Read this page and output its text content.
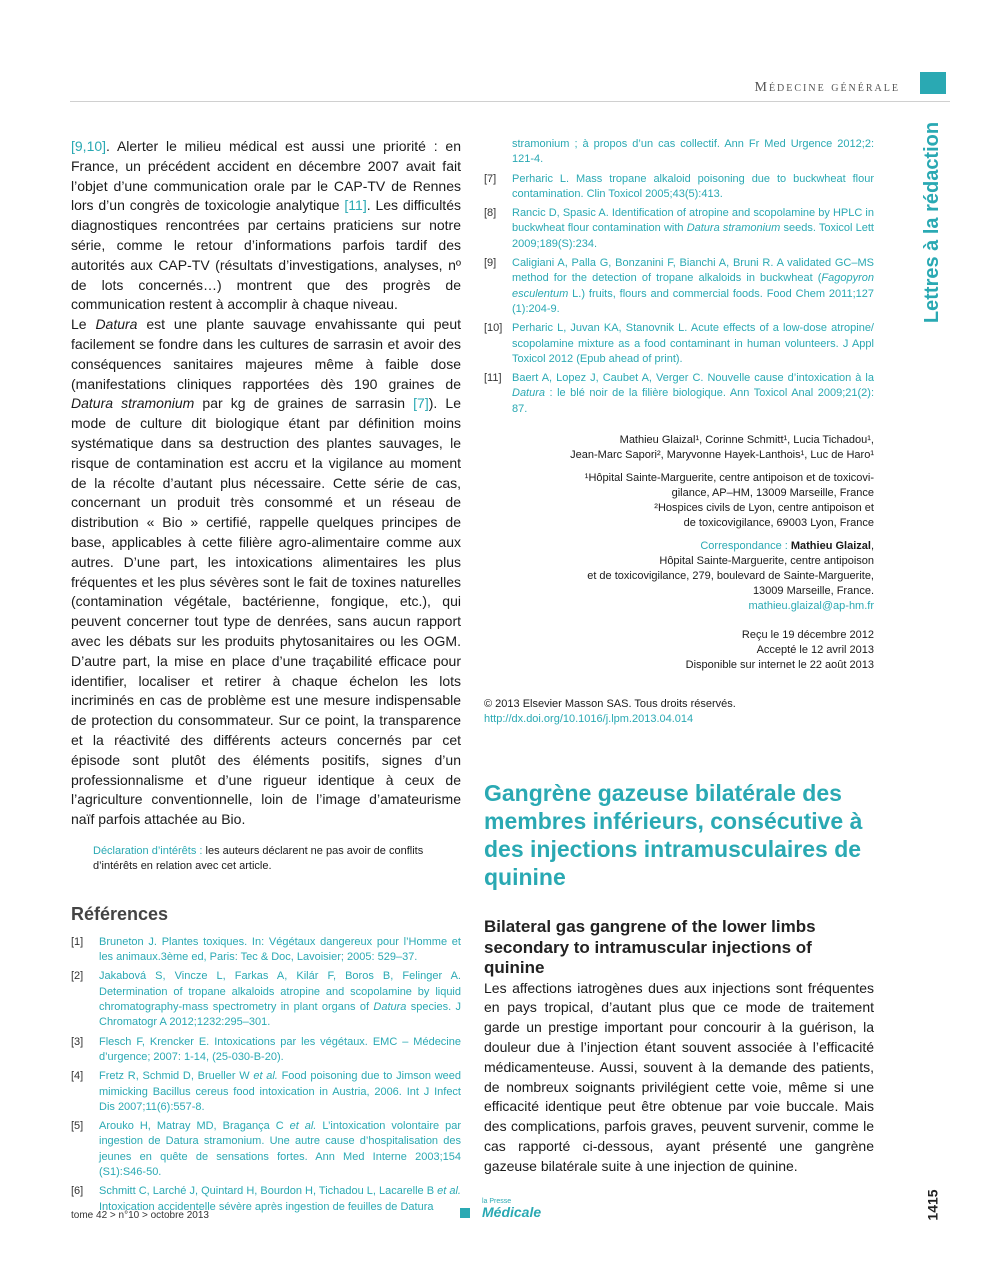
Médecine générale
Lettres à la rédaction

[9,10]. Alerter le milieu médical est aussi une priorité : en France, un précédent accident en décembre 2007 avait fait l’objet d’une communication orale par le CAP-TV de Rennes lors d’un congrès de toxicologie analytique [11]. Les difficultés diagnostiques rencontrées par certains praticiens sur notre série, comme le retour d’informations parfois tardif des autorités aux CAP-TV (résultats d’investigations, analyses, nº de lots concernés…) montrent que des progrès de communication restent à accomplir à chaque niveau.

Le Datura est une plante sauvage envahissante qui peut facilement se fondre dans les cultures de sarrasin et avoir des conséquences sanitaires majeures même à faible dose (manifestations cliniques rapportées dès 190 graines de Datura stramonium par kg de graines de sarrasin [7]). Le mode de culture dit biologique étant par définition moins systématique dans sa destruction des plantes sauvages, le risque de contamination est accru et la vigilance au moment de la récolte d’autant plus nécessaire. Cette série de cas, concernant un produit très consommé et un réseau de distribution « Bio » certifié, rappelle quelques principes de base, applicables à cette filière agro-alimentaire comme aux autres. D’une part, les intoxications alimentaires les plus fréquentes et les plus sévères sont le fait de toxines naturelles (contamination végétale, bactérienne, fongique, etc.), qui peuvent concerner tout type de denrées, sans aucun rapport avec les débats sur les produits phytosanitaires ou les OGM. D’autre part, la mise en place d’une traçabilité efficace pour identifier, localiser et retirer à chaque échelon les lots incriminés en cas de problème est une mesure indispensable de protection du consommateur. Sur ce point, la transparence et la réactivité des différents acteurs concernés par cet épisode sont plutôt des éléments positifs, signes d’un professionnalisme et d’une rigueur identique à ceux de l’agriculture conventionnelle, loin de l’image d’amateurisme naïf parfois attachée au Bio.

Déclaration d’intérêts : les auteurs déclarent ne pas avoir de conflits d’intérêts en relation avec cet article.
Références
[1]	Bruneton J. Plantes toxiques. In: Végétaux dangereux pour l’Homme et les animaux.3ème ed, Paris: Tec & Doc, Lavoisier; 2005: 529–37.
[2]	Jakabová S, Vincze L, Farkas A, Kilár F, Boros B, Felinger A. Determination of tropane alkaloids atropine and scopolamine by liquid chromatography-mass spectrometry in plant organs of Datura species. J Chromatogr A 2012;1232:295–301.
[3]	Flesch F, Krencker E. Intoxications par les végétaux. EMC – Médecine d’urgence; 2007: 1-14, (25-030-B-20).
[4]	Fretz R, Schmid D, Brueller W et al. Food poisoning due to Jimson weed mimicking Bacillus cereus food intoxication in Austria, 2006. Int J Infect Dis 2007;11(6):557-8.
[5]	Arouko H, Matray MD, Bragança C et al. L’intoxication volontaire par ingestion de Datura stramonium. Une autre cause d’hospitalisation des jeunes en quête de sensations fortes. Ann Med Interne 2003;154 (S1):S46-50.
[6]	Schmitt C, Larché J, Quintard H, Bourdon H, Tichadou L, Lacarelle B et al. Intoxication accidentelle sévère après ingestion de feuilles de Datura
stramonium ; à propos d’un cas collectif. Ann Fr Med Urgence 2012;2: 121-4.
[7]	Perharic L. Mass tropane alkaloid poisoning due to buckwheat flour contamination. Clin Toxicol 2005;43(5):413.
[8]	Rancic D, Spasic A. Identification of atropine and scopolamine by HPLC in buckwheat flour contamination with Datura stramonium seeds. Toxicol Lett 2009;189(S):234.
[9]	Caligiani A, Palla G, Bonzanini F, Bianchi A, Bruni R. A validated GC–MS method for the detection of tropane alkaloids in buckwheat (Fagopyron esculentum L.) fruits, flours and commercial foods. Food Chem 2011;127 (1):204-9.
[10] Perharic L, Juvan KA, Stanovnik L. Acute effects of a low-dose atropine/ scopolamine mixture as a food contaminant in human volunteers. J Appl Toxicol 2012 (Epub ahead of print).
[11] Baert A, Lopez J, Caubet A, Verger C. Nouvelle cause d’intoxication à la Datura : le blé noir de la filière biologique. Ann Toxicol Anal 2009;21(2): 87.
Mathieu Glaizal¹, Corinne Schmitt¹, Lucia Tichadou¹,
Jean-Marc Sapori², Maryvonne Hayek-Lanthois¹, Luc de Haro¹
¹Hôpital Sainte-Marguerite, centre antipoison et de toxicovi-
gilance, AP–HM, 13009 Marseille, France
²Hospices civils de Lyon, centre antipoison et
de toxicovigilance, 69003 Lyon, France
Correspondance : Mathieu Glaizal,
Hôpital Sainte-Marguerite, centre antipoison
et de toxicovigilance, 279, boulevard de Sainte-Marguerite,
13009 Marseille, France.
mathieu.glaizal@ap-hm.fr
Reçu le 19 décembre 2012
Accepté le 12 avril 2013
Disponible sur internet le 22 août 2013
© 2013 Elsevier Masson SAS. Tous droits réservés.
http://dx.doi.org/10.1016/j.lpm.2013.04.014
Gangrène gazeuse bilatérale des membres inférieurs, consécutive à des injections intramusculaires de quinine
Bilateral gas gangrene of the lower limbs secondary to intramuscular injections of quinine

Les affections iatrogènes dues aux injections sont fréquentes en pays tropical, d’autant plus que ce mode de traitement garde un prestige important pour concourir à la guérison, la douleur due à l’injection étant souvent associée à l’efficacité médicamenteuse. Aussi, souvent à la demande des patients, de nombreux soignants privilégient cette voie, même si une efficacité identique peut être obtenue par voie buccale. Mais des complications, parfois graves, peuvent survenir, comme le cas rapporté ci-dessous, ayant présenté une gangrène gazeuse bilatérale suite à une injection de quinine.

tome 42 > n°10 > octobre 2013
la Presse
Médicale	1415
